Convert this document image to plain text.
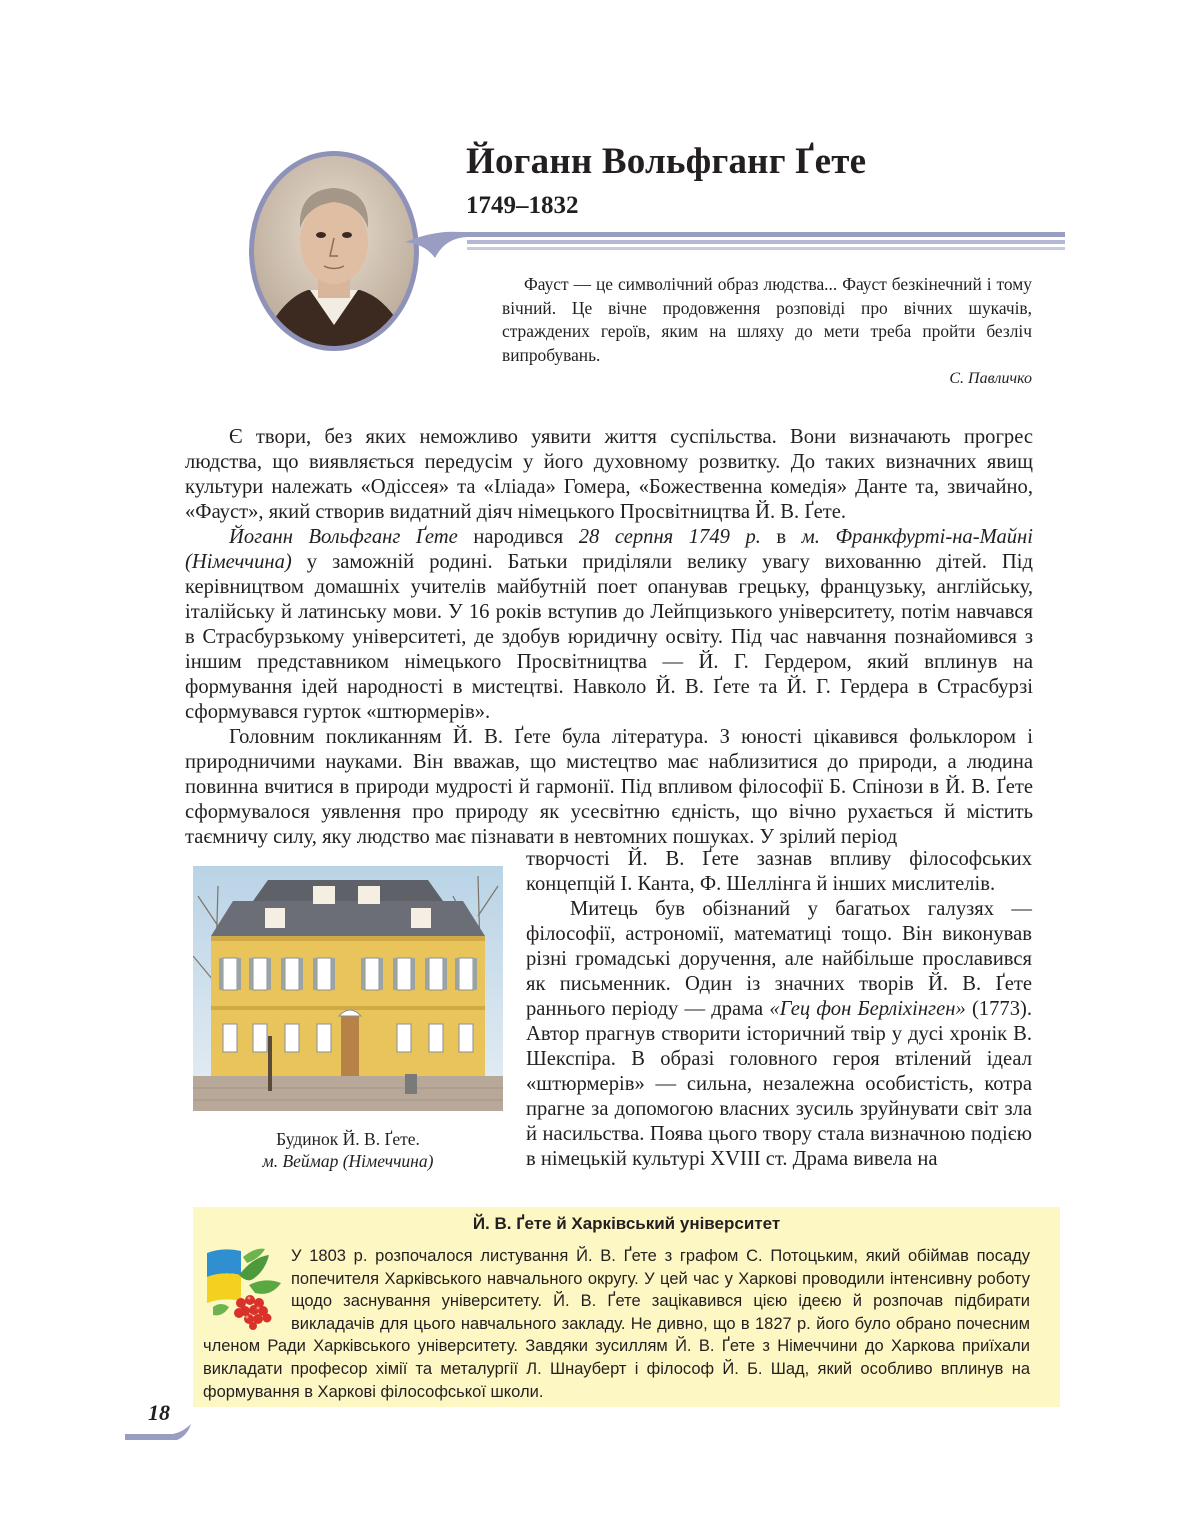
Йоганн Вольфганг Ґете
1749–1832
Фауст — це символічний образ людства... Фауст безкінечний і тому вічний. Це вічне продовження розповіді про вічних шукачів, страждених героїв, яким на шляху до мети треба пройти безліч випробувань.
С. Павличко

Є твори, без яких неможливо уявити життя суспільства. Вони визначають прогрес людства, що виявляється передусім у його духовному розвитку. До таких визначних явищ культури належать «Одіссея» та «Іліада» Гомера, «Божественна комедія» Данте та, звичайно, «Фауст», який створив видатний діяч німецького Просвітництва Й. В. Ґете.

Йоганн Вольфганг Ґете народився 28 серпня 1749 р. в м. Франкфурті-на-Майні (Німеччина) у заможній родині. Батьки приділяли велику увагу вихованню дітей. Під керівництвом домашніх учителів майбутній поет опанував грецьку, французьку, англійську, італійську й латинську мови. У 16 років вступив до Лейпцизького університету, потім навчався в Страсбурзькому університеті, де здобув юридичну освіту. Під час навчання познайомився з іншим представником німецького Просвітництва — Й. Г. Гердером, який вплинув на формування ідей народності в мистецтві. Навколо Й. В. Ґете та Й. Г. Гердера в Страсбурзі сформувався гурток «штюрмерів».

Головним покликанням Й. В. Ґете була література. З юності цікавився фольклором і природничими науками. Він вважав, що мистецтво має наблизитися до природи, а людина повинна вчитися в природи мудрості й гармонії. Під впливом філософії Б. Спінози в Й. В. Ґете сформувалося уявлення про природу як усесвітню єдність, що вічно рухається й містить таємничу силу, яку людство має пізнавати в невтомних пошуках. У зрілий період

Будинок Й. В. Ґете.
м. Веймар (Німеччина)

творчості Й. В. Ґете зазнав впливу філософських концепцій І. Канта, Ф. Шеллінга й інших мислителів.

Митець був обізнаний у багатьох галузях — філософії, астрономії, математиці тощо. Він виконував різні громадські доручення, але найбільше прославився як письменник. Один із значних творів Й. В. Ґете раннього періоду — драма «Гец фон Берліхінген» (1773). Автор прагнув створити історичний твір у дусі хронік В. Шекспіра. В образі головного героя втілений ідеал «штюрмерів» — сильна, незалежна особистість, котра прагне за допомогою власних зусиль зруйнувати світ зла й насильства. Поява цього твору стала визначною подією в німецькій культурі XVIII ст. Драма вивела на

Й. В. Ґете й Харківський університет
У 1803 р. розпочалося листування Й. В. Ґете з графом С. Потоцьким, який обіймав посаду попечителя Харківського навчального округу. У цей час у Харкові проводили інтенсивну роботу щодо заснування університету. Й. В. Ґете зацікавився цією ідеєю й розпочав підбирати викладачів для цього навчального закладу. Не дивно, що в 1827 р. його було обрано почесним членом Ради Харківського університету. Завдяки зусиллям Й. В. Ґете з Німеччини до Харкова приїхали викладати професор хімії та металургії Л. Шнауберт і філософ Й. Б. Шад, який особливо вплинув на формування в Харкові філософської школи.
18
